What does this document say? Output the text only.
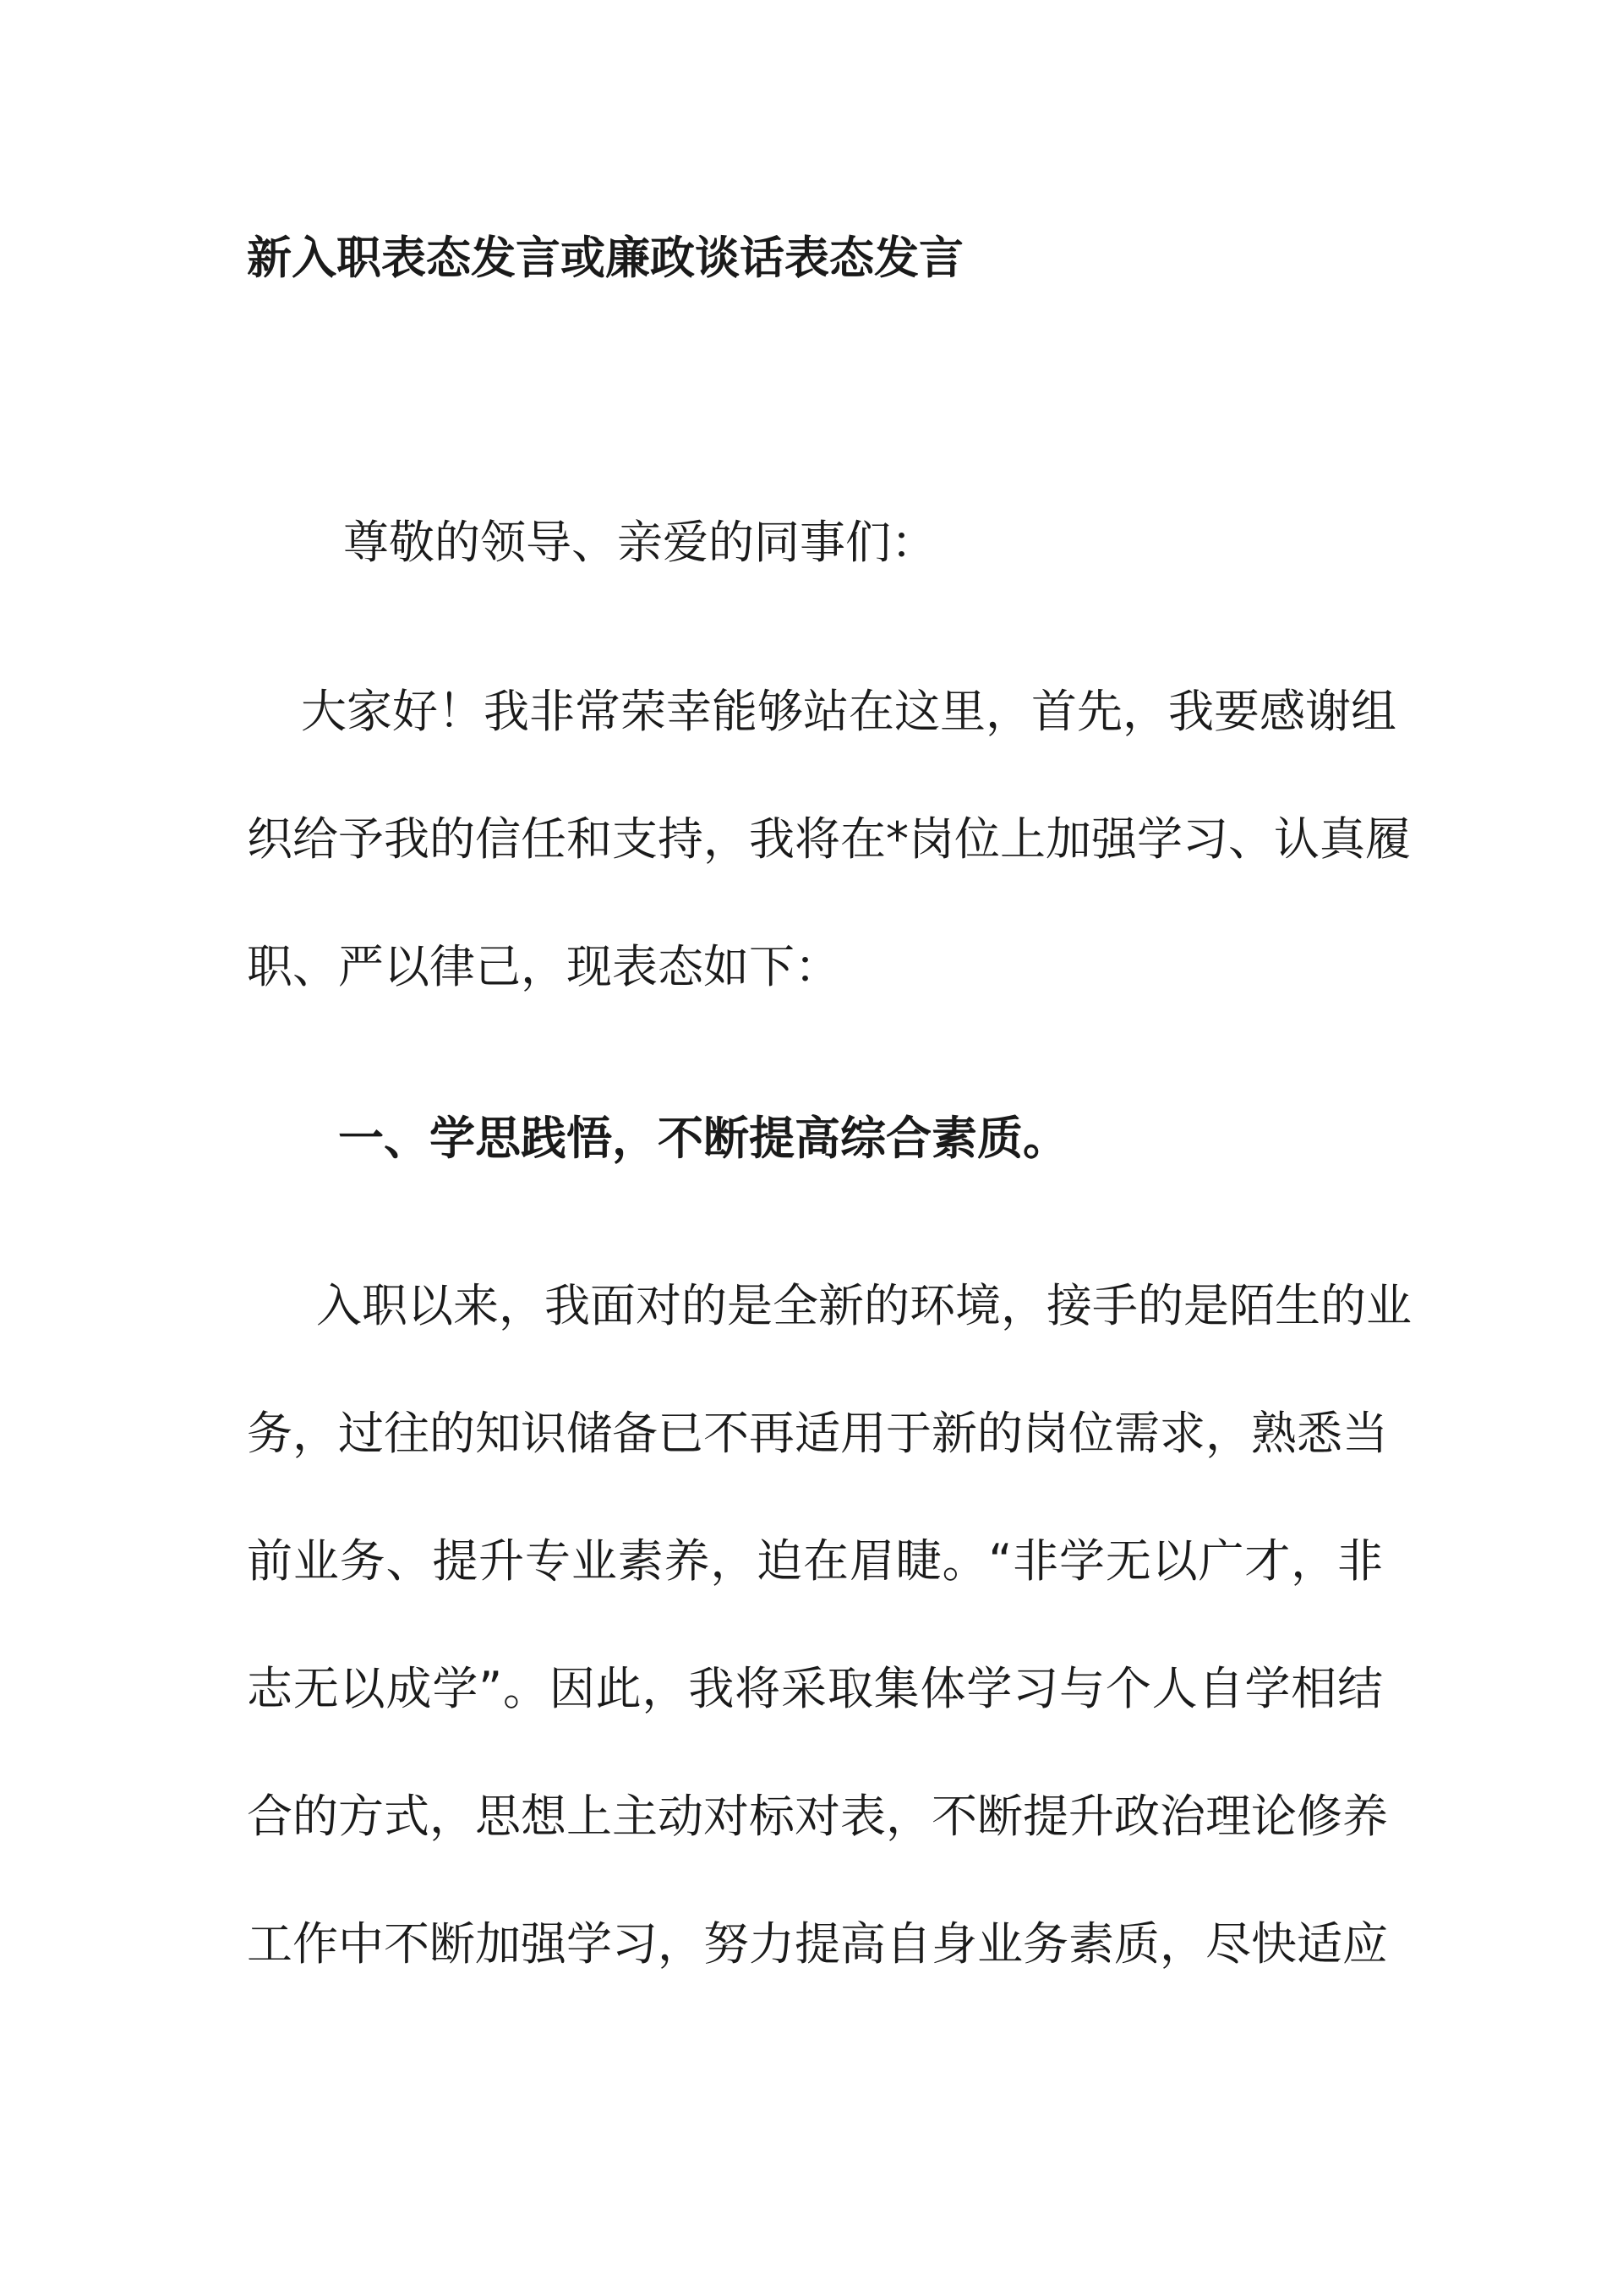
新入职表态发言或廉政谈话表态发言
尊敬的领导、亲爱的同事们：
大家好！我非常荣幸能够站在这里，首先，我要感谢组
织给予我的信任和支持，我将在*岗位上加强学习、认真履
职、严以律己，现表态如下：
一、学思践悟，不断提高综合素质。
入职以来，我面对的是全新的环境，接手的是陌生的业
务，过往的知识储备已不再适用于新的岗位需求，熟悉当
前业务、提升专业素养，迫在眉睫。“非学无以广才，非
志无以成学”。因此，我将采取集体学习与个人自学相结
合的方式，思想上主动对标对表，不断提升政治理论修养
工作中不断加强学习，努力提高自身业务素质，尽快适应
